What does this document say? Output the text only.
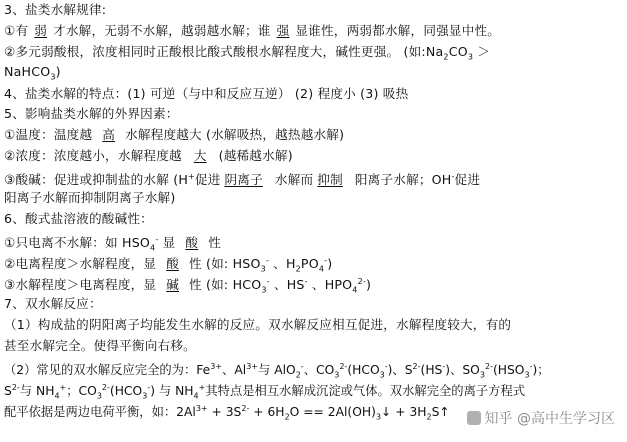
3、盐类水解规律:
①有 弱 才水解，无弱不水解，越弱越水解；谁 强 显谁性，两弱都水解，同强显中性。
②多元弱酸根，浓度相同时正酸根比酸式酸根水解程度大，碱性更强。 (如$:Na_2CO_3$ ＞
NaHCO$_3$)
4、盐类水解的特点：(1) 可逆（与中和反应互逆） (2) 程度小 (3) 吸热
5、影响盐类水解的外界因素：
①温度：温度越 高 水解程度越大 (水解吸热，越热越水解)
②浓度：浓度越小，水解程度越 大 (越稀越水解)
③酸碱：促进或抑制盐的水解 (H+促进 阴离子 水解而 抑制 阳离子水解；OH-促进
阳离子水解而抑制阴离子水解)
6、酸式盐溶液的酸碱性：
①只电离不水解：如 $HSO_4^-$ 显 酸 性
②电离程度＞水解程度，显 酸 性 (如: $HSO_3^-$ 、$H_2PO_4^-$)
③水解程度＞电离程度，显 碱 性 (如: $HCO_3^-$ 、HS- 、$HPO_4^{2-}$)
7、双水解反应：
（1）构成盐的阴阳离子均能发生水解的反应。双水解反应相互促进，水解程度较大，有的
甚至水解完全。使得平衡向右移。
（2）常见的双水解反应完全的为：$Fe^{3+}$、$Al^{3+}$与 AlO$_2$-、$CO_3^{2-}(HCO_3^-)$、$S^{2-}(HS^-)$、$SO_3^{2-}(HSO_3^-)$；
$S^{2-}$与 $NH_4^+$；$CO_3^{2-}(HCO_3^-)$ 与 $NH_4^+$其特点是相互水解成沉淀或气体。双水解完全的离子方程式
配平依据是两边电荷平衡，如：$2Al^{3+} + 3S^{2-} + 6H_2O$ == $2Al(OH)_3↓$ + $3H_2S↑$	知乎 @高中生学习区
